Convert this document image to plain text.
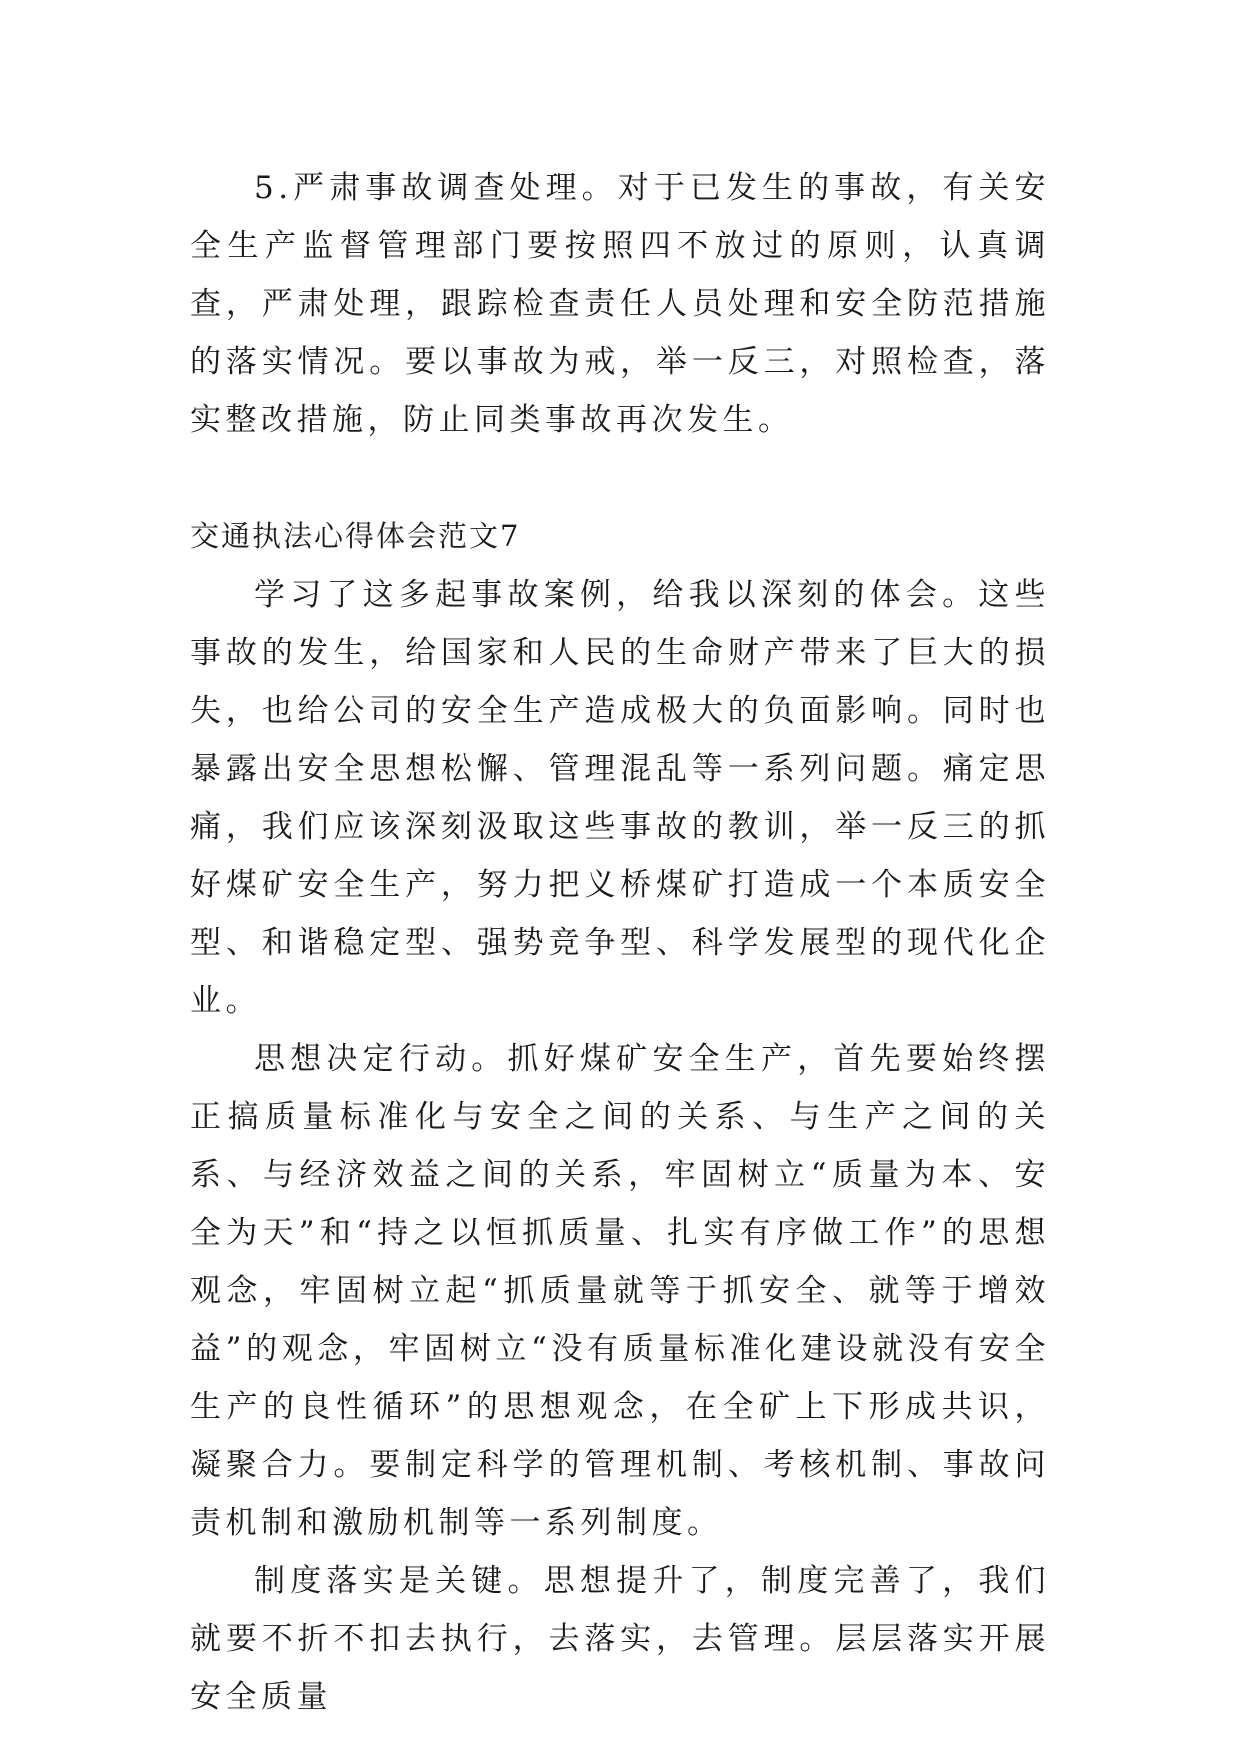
5.严肃事故调查处理。对于已发生的事故，有关安全生产监督管理部门要按照四不放过的原则，认真调查，严肃处理，跟踪检查责任人员处理和安全防范措施的落实情况。要以事故为戒，举一反三，对照检查，落实整改措施，防止同类事故再次发生。

交通执法心得体会范文7

学习了这多起事故案例，给我以深刻的体会。这些事故的发生，给国家和人民的生命财产带来了巨大的损失，也给公司的安全生产造成极大的负面影响。同时也暴露出安全思想松懈、管理混乱等一系列问题。痛定思痛，我们应该深刻汲取这些事故的教训，举一反三的抓好煤矿安全生产，努力把义桥煤矿打造成一个本质安全型、和谐稳定型、强势竞争型、科学发展型的现代化企业。

思想决定行动。抓好煤矿安全生产，首先要始终摆正搞质量标准化与安全之间的关系、与生产之间的关系、与经济效益之间的关系，牢固树立“质量为本、安全为天”和“持之以恒抓质量、扎实有序做工作”的思想观念，牢固树立起“抓质量就等于抓安全、就等于增效益”的观念，牢固树立“没有质量标准化建设就没有安全生产的良性循环”的思想观念，在全矿上下形成共识，凝聚合力。要制定科学的管理机制、考核机制、事故问责机制和激励机制等一系列制度。

制度落实是关键。思想提升了，制度完善了，我们就要不折不扣去执行，去落实，去管理。层层落实开展安全质量
